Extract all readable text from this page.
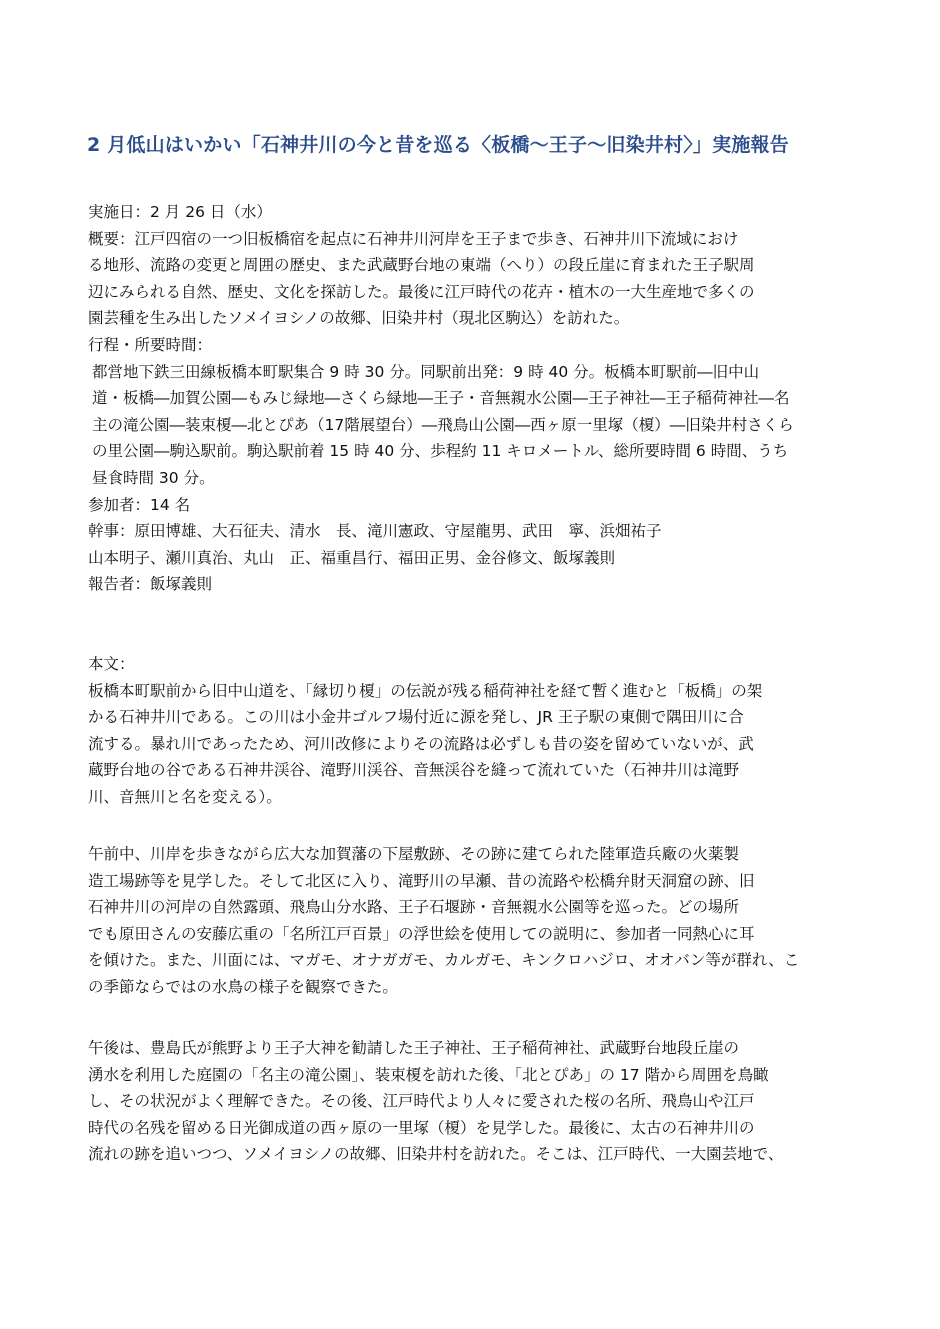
2 月低山はいかい「石神井川の今と昔を巡る〈板橋～王子～旧染井村〉」実施報告
実施日：2 月 26 日（水）
概要：江戸四宿の一つ旧板橋宿を起点に石神井川河岸を王子まで歩き、石神井川下流域におけ
る地形、流路の変更と周囲の歴史、また武蔵野台地の東端（へり）の段丘崖に育まれた王子駅周
辺にみられる自然、歴史、文化を探訪した。最後に江戸時代の花卉・植木の一大生産地で多くの
園芸種を生み出したソメイヨシノの故郷、旧染井村（現北区駒込）を訪れた。
行程・所要時間：
都営地下鉄三田線板橋本町駅集合 9 時 30 分。同駅前出発：9 時 40 分。板橋本町駅前―旧中山
道・板橋―加賀公園―もみじ緑地―さくら緑地―王子・音無親水公園―王子神社―王子稲荷神社―名
主の滝公園―装束榎―北とぴあ（17階展望台）―飛鳥山公園―西ヶ原一里塚（榎）―旧染井村さくら
の里公園―駒込駅前。駒込駅前着 15 時 40 分、歩程約 11 キロメートル、総所要時間 6 時間、うち
昼食時間 30 分。
参加者：14 名
幹事：原田博雄、大石征夫、清水　長、滝川憲政、守屋龍男、武田　寧、浜畑祐子
山本明子、瀬川真治、丸山　正、福重昌行、福田正男、金谷修文、飯塚義則
報告者：飯塚義則
本文：
板橋本町駅前から旧中山道を、「縁切り榎」の伝説が残る稲荷神社を経て暫く進むと「板橋」の架
かる石神井川である。この川は小金井ゴルフ場付近に源を発し、JR 王子駅の東側で隅田川に合
流する。暴れ川であったため、河川改修によりその流路は必ずしも昔の姿を留めていないが、武
蔵野台地の谷である石神井渓谷、滝野川渓谷、音無渓谷を縫って流れていた（石神井川は滝野
川、音無川と名を変える）。
午前中、川岸を歩きながら広大な加賀藩の下屋敷跡、その跡に建てられた陸軍造兵廠の火薬製
造工場跡等を見学した。そして北区に入り、滝野川の早瀬、昔の流路や松橋弁財天洞窟の跡、旧
石神井川の河岸の自然露頭、飛鳥山分水路、王子石堰跡・音無親水公園等を巡った。どの場所
でも原田さんの安藤広重の「名所江戸百景」の浮世絵を使用しての説明に、参加者一同熱心に耳
を傾けた。また、川面には、マガモ、オナガガモ、カルガモ、キンクロハジロ、オオバン等が群れ、こ
の季節ならではの水鳥の様子を観察できた。
午後は、豊島氏が熊野より王子大神を勧請した王子神社、王子稲荷神社、武蔵野台地段丘崖の
湧水を利用した庭園の「名主の滝公園」、装束榎を訪れた後、「北とぴあ」の 17 階から周囲を鳥瞰
し、その状況がよく理解できた。その後、江戸時代より人々に愛された桜の名所、飛鳥山や江戸
時代の名残を留める日光御成道の西ヶ原の一里塚（榎）を見学した。最後に、太古の石神井川の
流れの跡を追いつつ、ソメイヨシノの故郷、旧染井村を訪れた。そこは、江戸時代、一大園芸地で、
